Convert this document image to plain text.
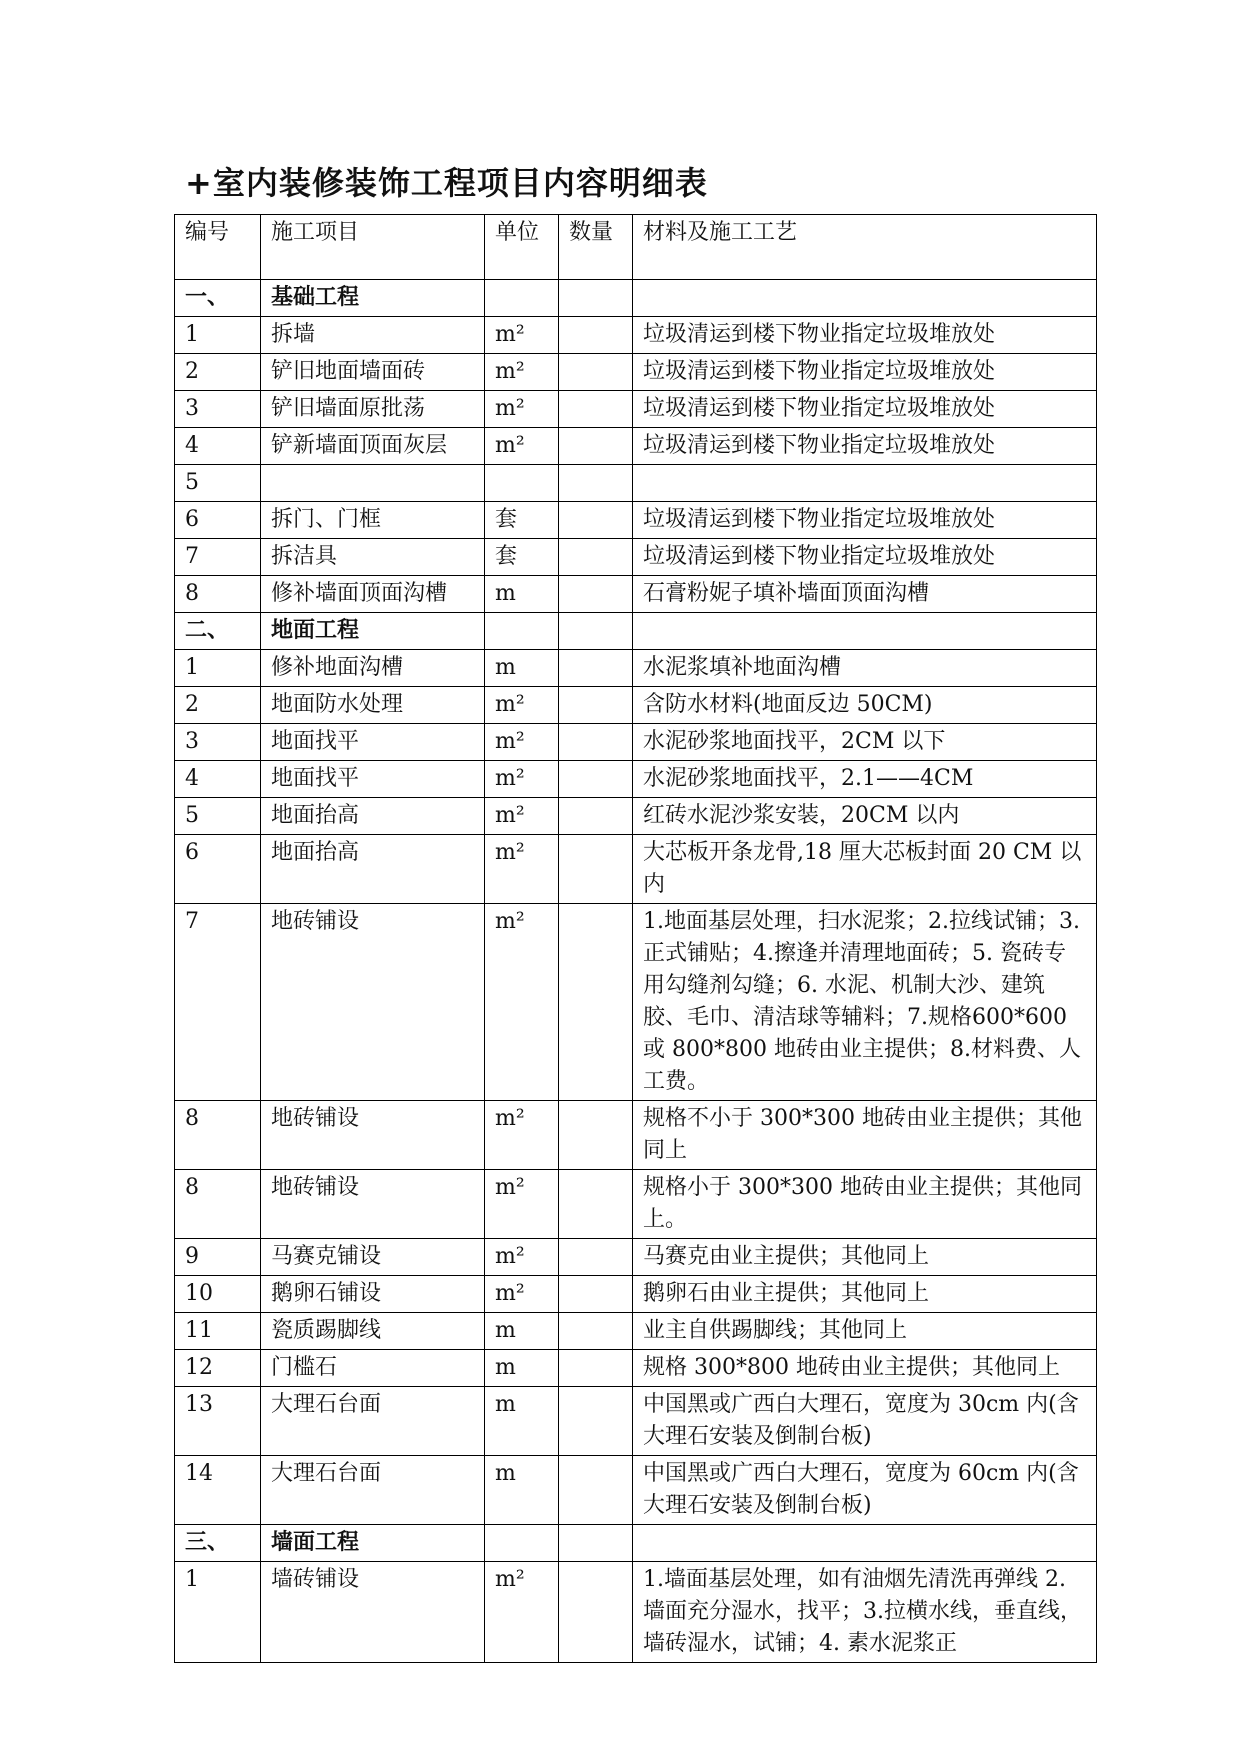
+室内装修装饰工程项目内容明细表
编号	施工项目	单位	数量	材料及施工工艺
一、	基础工程			
1	拆墙	m²		垃圾清运到楼下物业指定垃圾堆放处
2	铲旧地面墙面砖	m²		垃圾清运到楼下物业指定垃圾堆放处
3	铲旧墙面原批荡	m²		垃圾清运到楼下物业指定垃圾堆放处
4	铲新墙面顶面灰层	m²		垃圾清运到楼下物业指定垃圾堆放处
5				
6	拆门、门框	套		垃圾清运到楼下物业指定垃圾堆放处
7	拆洁具	套		垃圾清运到楼下物业指定垃圾堆放处
8	修补墙面顶面沟槽	m		石膏粉妮子填补墙面顶面沟槽
二、	地面工程			
1	修补地面沟槽	m		水泥浆填补地面沟槽
2	地面防水处理	m²		含防水材料(地面反边 50CM)
3	地面找平	m²		水泥砂浆地面找平，2CM 以下
4	地面找平	m²		水泥砂浆地面找平，2.1——4CM
5	地面抬高	m²		红砖水泥沙浆安装，20CM 以内
6	地面抬高	m²		大芯板开条龙骨,18 厘大芯板封面 20 CM 以内
7	地砖铺设	m²		1.地面基层处理，扫水泥浆；2.拉线试铺；3.正式铺贴；4.擦逢并清理地面砖；5. 瓷砖专用勾缝剂勾缝；6. 水泥、机制大沙、建筑胶、毛巾、清洁球等辅料；7.规格600*600 或 800*800 地砖由业主提供；8.材料费、人工费。
8	地砖铺设	m²		规格不小于 300*300 地砖由业主提供；其他同上
8	地砖铺设	m²		规格小于 300*300 地砖由业主提供；其他同上。
9	马赛克铺设	m²		马赛克由业主提供；其他同上
10	鹅卵石铺设	m²		鹅卵石由业主提供；其他同上
11	瓷质踢脚线	m		业主自供踢脚线；其他同上
12	门槛石	m		规格 300*800 地砖由业主提供；其他同上
13	大理石台面	m		中国黑或广西白大理石，宽度为 30cm 内(含大理石安装及倒制台板)
14	大理石台面	m		中国黑或广西白大理石，宽度为 60cm 内(含大理石安装及倒制台板)
三、	墙面工程			
1	墙砖铺设	m²		1.墙面基层处理，如有油烟先清洗再弹线 2.墙面充分湿水，找平；3.拉横水线，垂直线，墙砖湿水，试铺；4. 素水泥浆正
